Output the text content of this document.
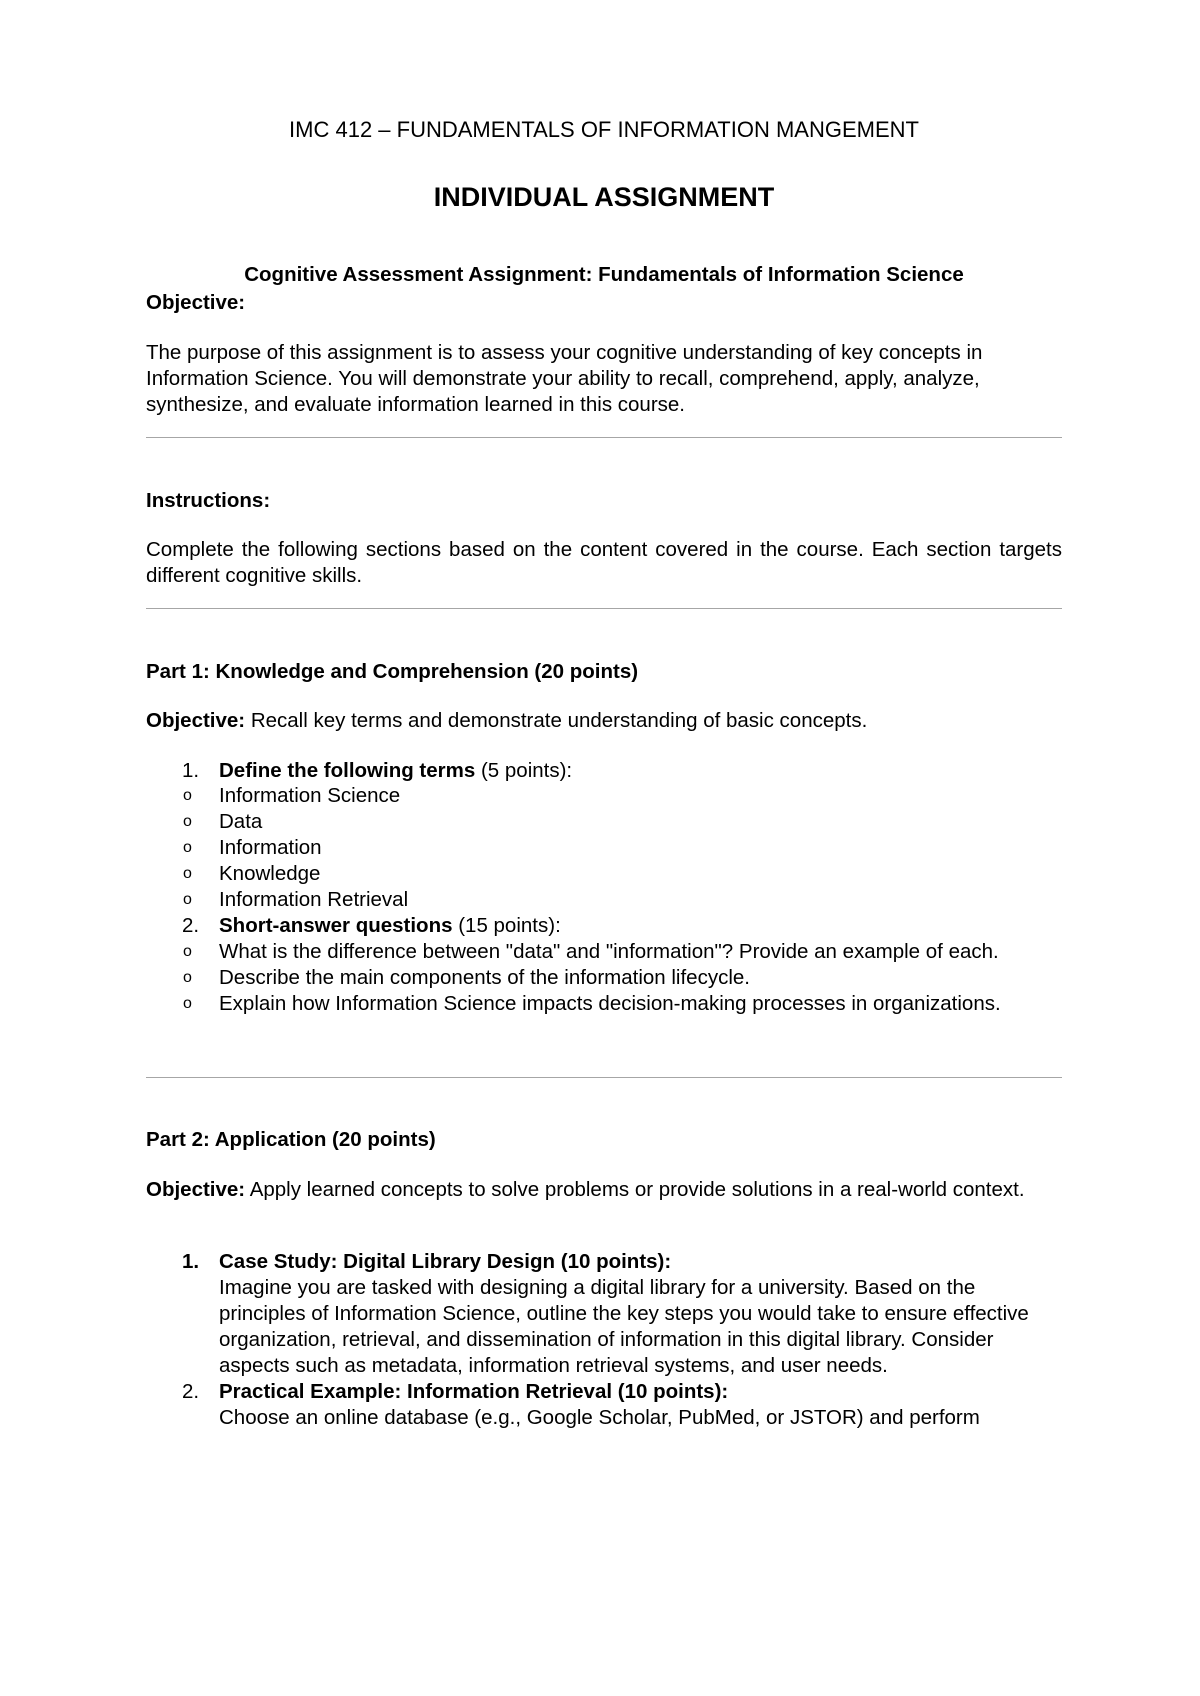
IMC 412 – FUNDAMENTALS OF INFORMATION MANGEMENT
INDIVIDUAL ASSIGNMENT
Cognitive Assessment Assignment: Fundamentals of Information Science
Objective:
The purpose of this assignment is to assess your cognitive understanding of key concepts in Information Science. You will demonstrate your ability to recall, comprehend, apply, analyze, synthesize, and evaluate information learned in this course.
Instructions:
Complete the following sections based on the content covered in the course. Each section targets different cognitive skills.
Part 1: Knowledge and Comprehension (20 points)
Objective: Recall key terms and demonstrate understanding of basic concepts.
1. Define the following terms (5 points):
o Information Science
o Data
o Information
o Knowledge
o Information Retrieval
2. Short-answer questions (15 points):
o What is the difference between "data" and "information"? Provide an example of each.
o Describe the main components of the information lifecycle.
o Explain how Information Science impacts decision-making processes in organizations.
Part 2: Application (20 points)
Objective: Apply learned concepts to solve problems or provide solutions in a real-world context.
1. Case Study: Digital Library Design (10 points):
Imagine you are tasked with designing a digital library for a university. Based on the principles of Information Science, outline the key steps you would take to ensure effective organization, retrieval, and dissemination of information in this digital library. Consider aspects such as metadata, information retrieval systems, and user needs.
2. Practical Example: Information Retrieval (10 points):
Choose an online database (e.g., Google Scholar, PubMed, or JSTOR) and perform
